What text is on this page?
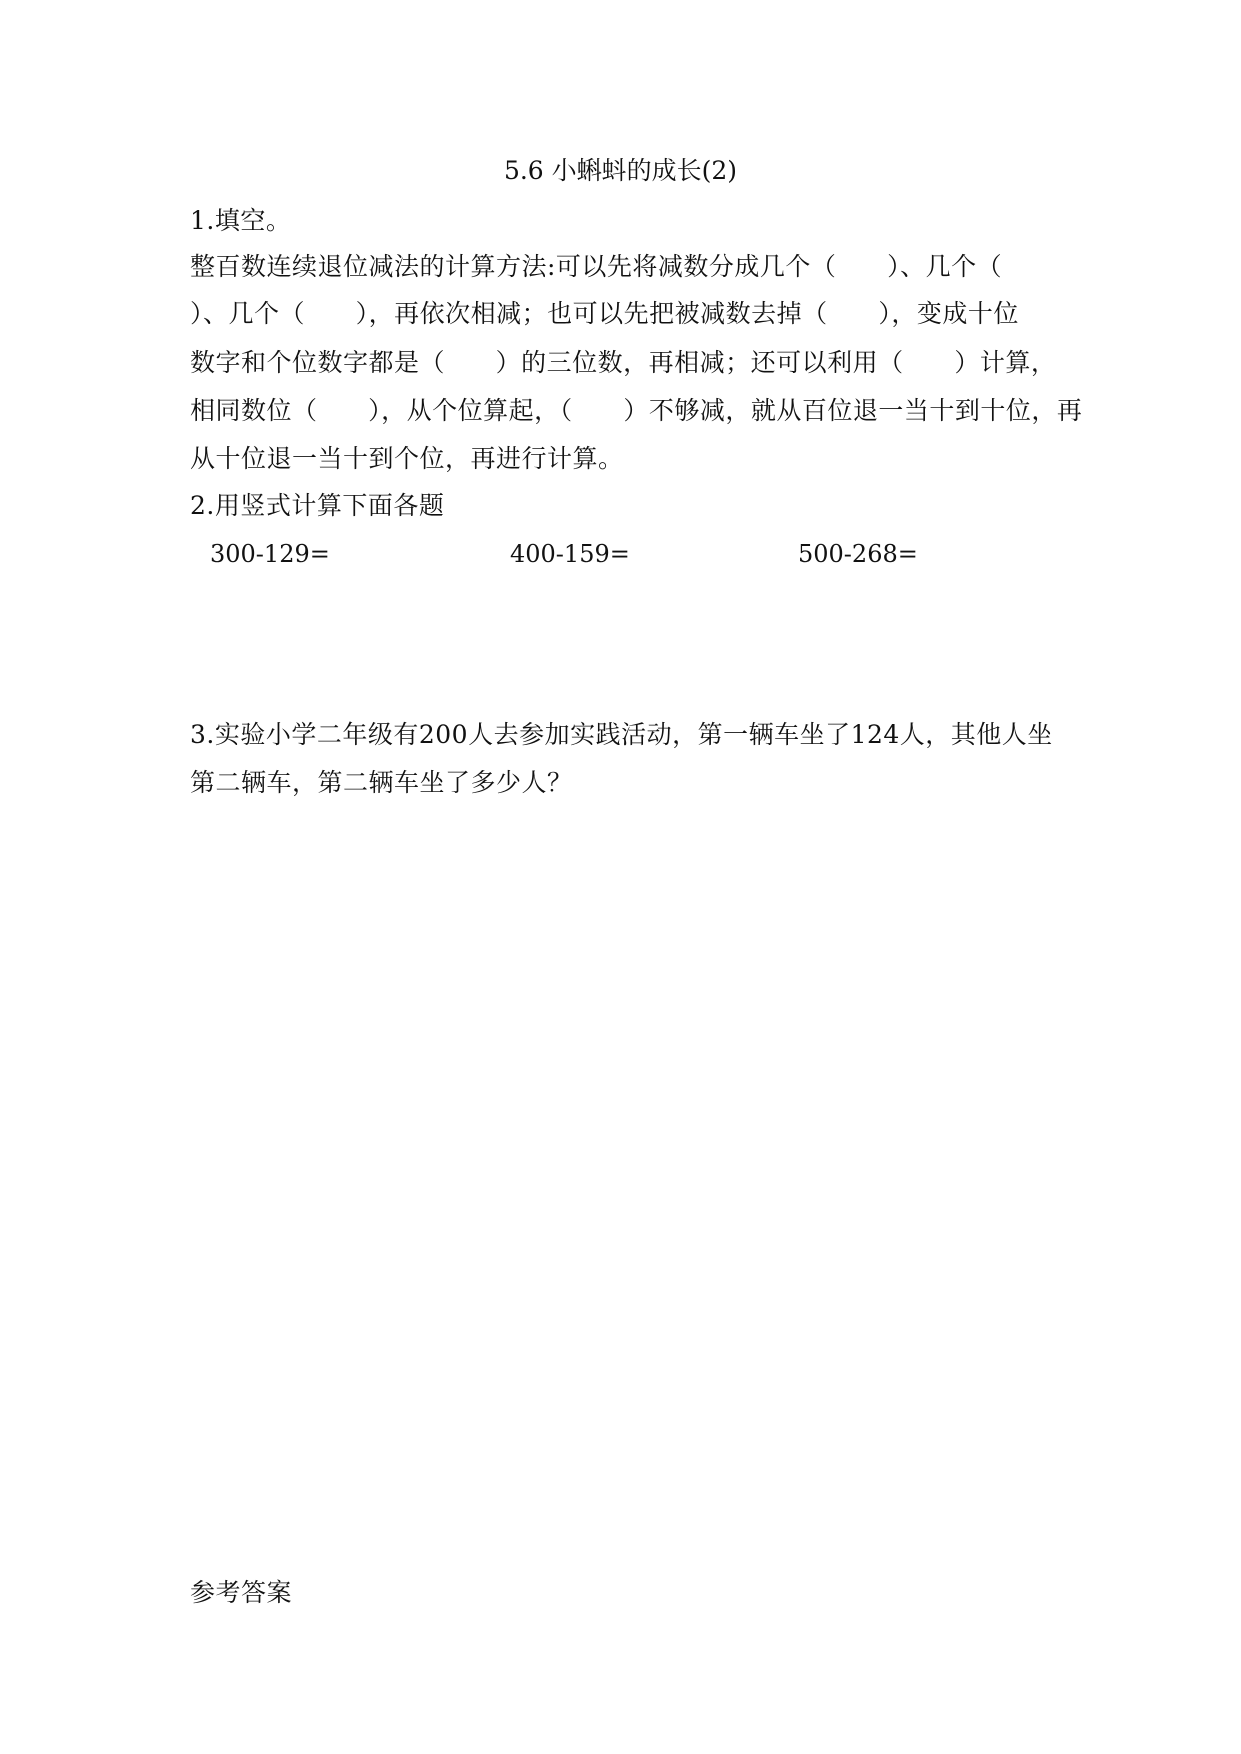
5.6 小蝌蚪的成长(2)
1.填空。
整百数连续退位减法的计算方法:可以先将减数分成几个（      ）、几个（
）、几个（      ），再依次相减；也可以先把被减数去掉（      ），变成十位
数字和个位数字都是（      ）的三位数，再相减；还可以利用（      ）计算，
相同数位（      ），从个位算起，（      ）不够减，就从百位退一当十到十位，再
从十位退一当十到个位，再进行计算。
2.用竖式计算下面各题
300-129=	400-159=	500-268=
3.实验小学二年级有200人去参加实践活动，第一辆车坐了124人，其他人坐
第二辆车，第二辆车坐了多少人？
参考答案
